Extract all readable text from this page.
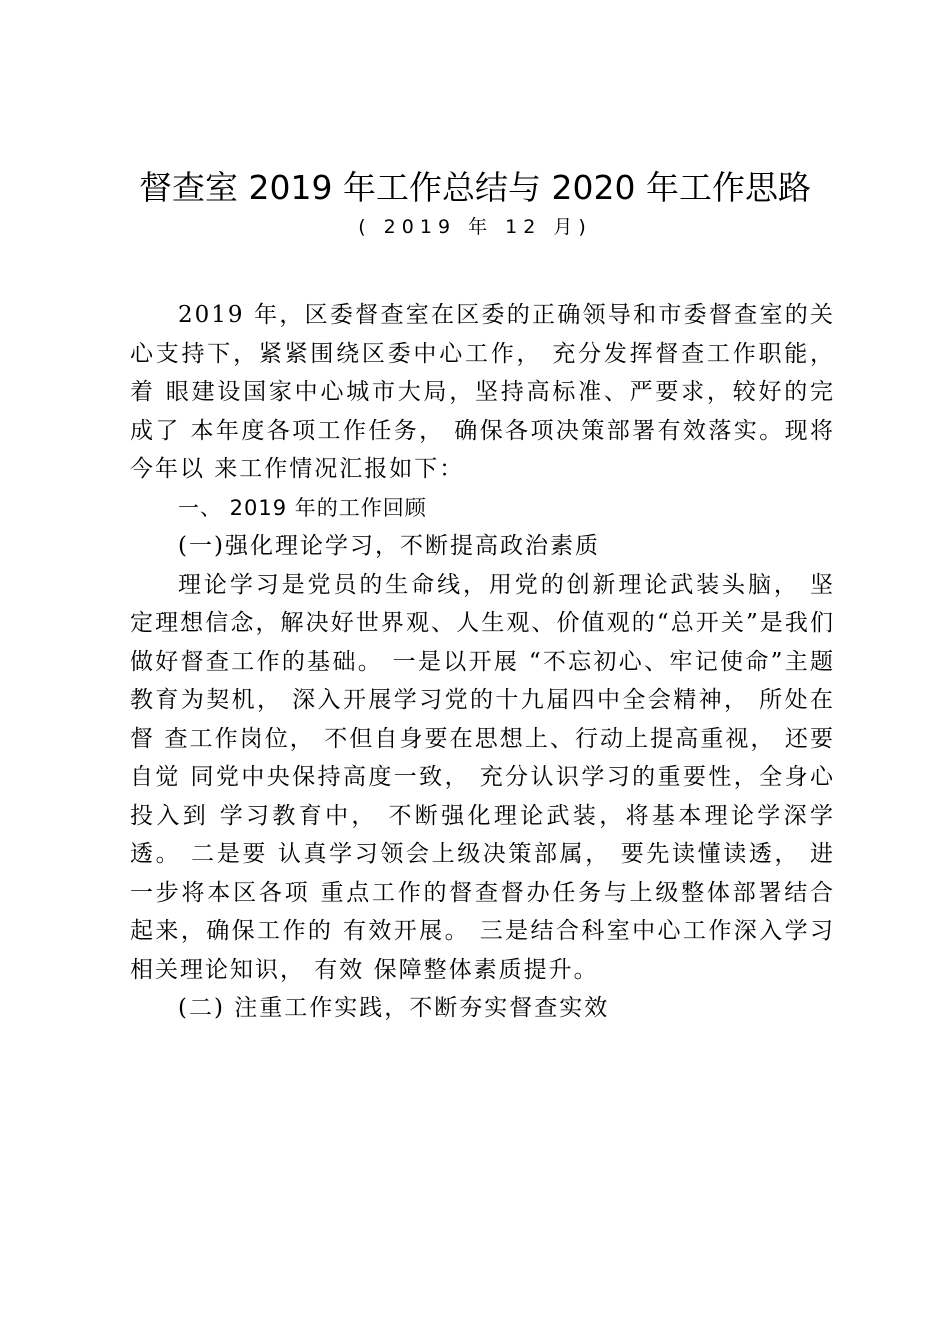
督查室 2019 年工作总结与 2020 年工作思路
( 2019 年 12 月)

2019 年，区委督查室在区委的正确领导和市委督查室的关心支持下，紧紧围绕区委中心工作， 充分发挥督查工作职能，着 眼建设国家中心城市大局，坚持高标准、严要求，较好的完成了 本年度各项工作任务， 确保各项决策部署有效落实。现将今年以 来工作情况汇报如下：

一、 2019 年的工作回顾

(一)强化理论学习，不断提高政治素质

理论学习是党员的生命线，用党的创新理论武装头脑， 坚定理想信念，解决好世界观、人生观、价值观的“总开关”是我们做好督查工作的基础。 一是以开展 “不忘初心、牢记使命”主题 教育为契机， 深入开展学习党的十九届四中全会精神， 所处在督 查工作岗位， 不但自身要在思想上、行动上提高重视， 还要自觉 同党中央保持高度一致， 充分认识学习的重要性，全身心投入到 学习教育中， 不断强化理论武装，将基本理论学深学透。 二是要 认真学习领会上级决策部属， 要先读懂读透， 进一步将本区各项 重点工作的督查督办任务与上级整体部署结合起来，确保工作的 有效开展。 三是结合科室中心工作深入学习相关理论知识， 有效 保障整体素质提升。

(二) 注重工作实践，不断夯实督查实效
